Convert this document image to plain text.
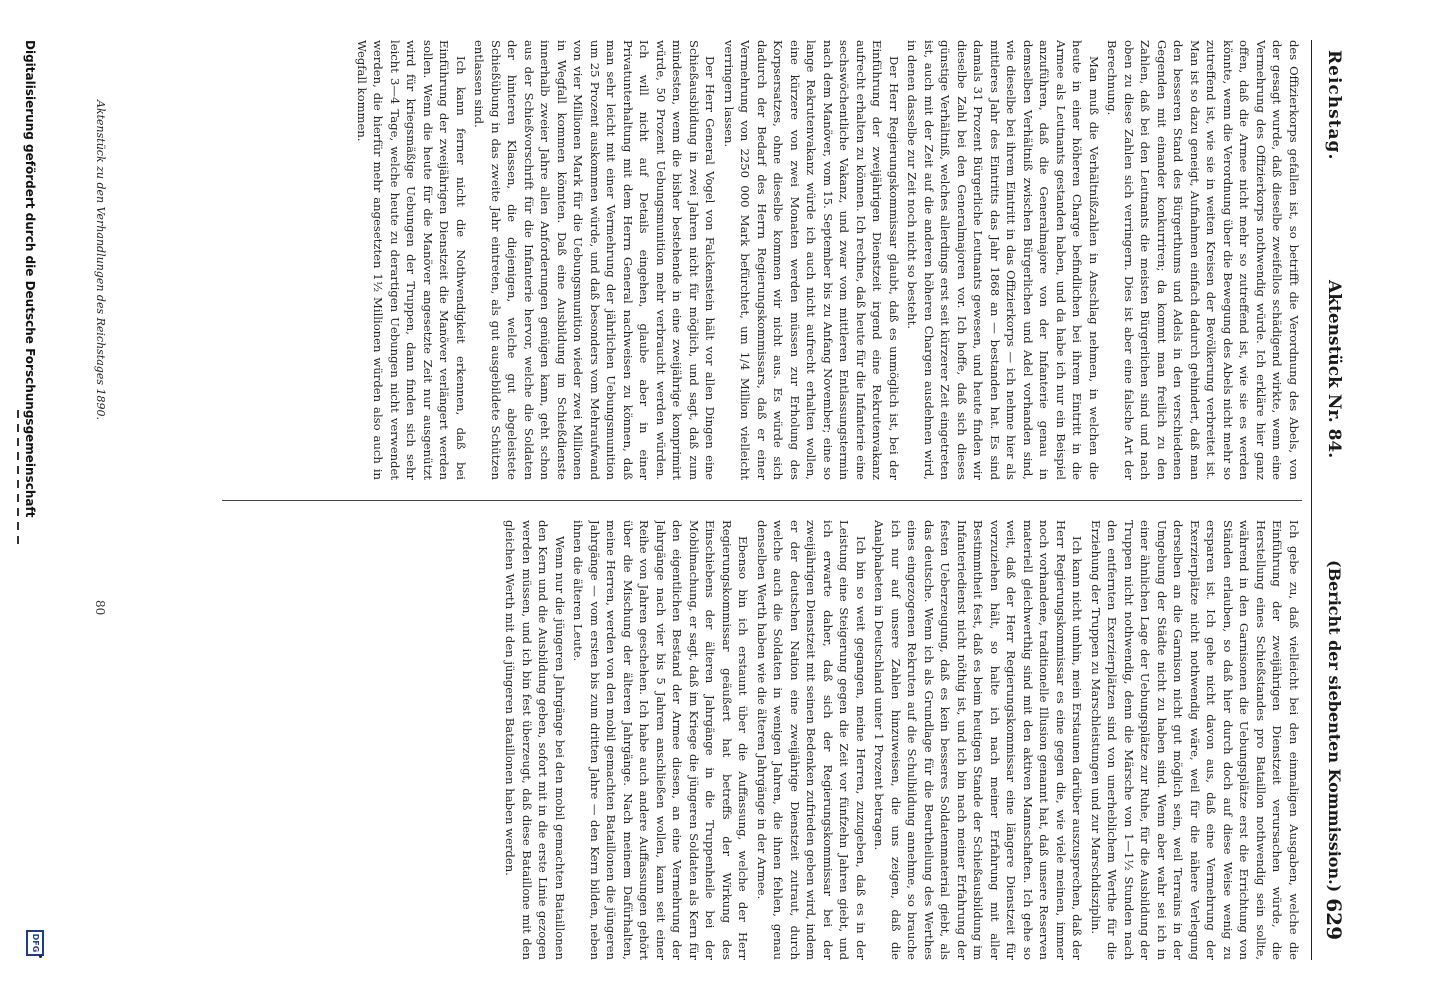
Reichstag.
Aktenstück Nr. 84.
(Bericht der siebenten Kommission.)
629

des Offizierkorps gefallen ist, so betrifft die Verordnung des Abels, von der gesagt wurde, daß dieselbe zweifellos schädigend wirkte, wenn eine Vermehrung des Offizierkorps nothwendig würde. Ich erkläre hier ganz offen, daß die Armee nicht mehr so zutreffend ist, wie sie es werden könnte, wenn die Verordnung über die Bewegung des Abels nicht mehr so zutreffend ist, wie sie in weiten Kreisen der Bevölkerung verbreitet ist. Man ist so dazu geneigt, Aufnahmen einfach dadurch gehindert, daß man den besseren Stand des Bürgerthums und Adels in den verschiedenen Gegenden mit einander konkurriren; da kommt man freilich zu den Zahlen, daß bei den Leutnants die meisten Bürgerlichen sind und nach oben zu diese Zahlen sich verringern. Dies ist aber eine falsche Art der Berechnung.

Man muß die Verhältnißzahlen in Anschlag nehmen, in welchen die heute in einer höheren Charge befindlichen bei ihrem Eintritt in die Armee als Leutnants gestanden haben, und da habe ich nur ein Beispiel anzuführen, daß die Generalmajore von der Infanterie genau in demselben Verhältniß zwischen Bürgerlichen und Adel vorhanden sind, wie dieselbe bei ihrem Eintritt in das Offizierkorps — ich nehme hier als mittleres Jahr des Eintritts das Jahr 1868 an — bestanden hat. Es sind damals 31 Prozent Bürgerliche Leutnants gewesen, und heute finden wir dieselbe Zahl bei den Generalmajoren vor. Ich hoffe, daß sich dieses günstige Verhältniß, welches allerdings erst seit kürzerer Zeit eingetreten ist, auch mit der Zeit auf die anderen höheren Chargen ausdehnen wird, in denen dasselbe zur Zeit noch nicht so besteht.

Der Herr Regierungskommissar glaubt, daß es unmöglich ist, bei der Einführung der zweijährigen Dienstzeit irgend eine Rekrutenvakanz aufrecht erhalten zu können. Ich rechne, daß heute für die Infanterie eine sechswöchentliche Vakanz, und zwar vom mittleren Entlassungstermin nach dem Manöver, vom 15. September bis zu Anfang November; eine so lange Rekrutenvakanz würde ich auch nicht aufrecht erhalten wollen, eine kürzere von zwei Monaten werden müssen zur Erholung des Korpsersatzes, ohne dieselbe kommen wir nicht aus. Es würde sich dadurch der Bedarf des Herrn Regierungskommissars, daß er einer Vermehrung von 2250 000 Mark befürchtet, um 1/4 Million vielleicht verringern lassen.

Der Herr General Vogel von Falckenstein hält vor allen Dingen eine Schießausbildung in zwei Jahren nicht für möglich, und sagt, daß zum mindesten, wenn die bisher bestehende in eine zweijährige komprimirt würde, 50 Prozent Uebungsmunition mehr verbraucht werden würden. Ich will nicht auf Details eingehen, glaube aber in einer Privatunterhaltung mit dem Herrn General nachweisen zu können, daß man sehr leicht mit einer Vermehrung der jährlichen Uebungsmunition um 25 Prozent auskommen würde, und daß besonders vom Mehraufwand von vier Millionen Mark für die Uebungsmunition wieder zwei Millionen in Wegfall kommen könnten. Daß eine Ausbildung im Schießdienste innerhalb zweier Jahre allen Anforderungen genügen kann, geht schon aus der Schießvorschrift für die Infanterie hervor, welche die Soldaten der hinteren Klassen, die diejenigen, welche gut abgeleistete Schießübung in das zweite Jahr eintreten, als gut ausgebildete Schützen entlassen sind.

Ich kann ferner nicht die Nothwendigkeit erkennen, daß bei Einführung der zweijährigen Dienstzeit die Manöver verlängert werden sollen. Wenn die heute für die Manöver angesetzte Zeit nur ausgenützt wird für kriegsmäßige Uebungen der Truppen, dann finden sich sehr leicht 3—4 Tage, welche heute zu derartigen Uebungen nicht verwendet werden, die hierfür mehr angesetzten 1½ Millionen würden also auch in Wegfall kommen.

Ich gebe zu, daß vielleicht bei den einmaligen Ausgaben, welche die Einführung der zweijährigen Dienstzeit verursachen würde, die Herstellung eines Schießstandes pro Bataillon nothwendig sein sollte, während in den Garnisonen die Uebungsplätze erst die Errichtung von Ständen erlauben, so daß hier durch doch auf diese Weise wenig zu ersparen ist. Ich gehe nicht davon aus, daß eine Vermehrung der Exerzierplätze nicht nothwendig wäre, weil für die nähere Verlegung derselben an die Garnison nicht gut möglich sein, weil Terrains in der Umgebung der Städte nicht zu haben sind. Wenn aber wahr sei ich in einer ähnlichen Lage der Uebungsplätze zur Ruhe, für die Ausbildung der Truppen nicht nothwendig, denn die Märsche von 1—1½ Stunden nach den entfernten Exerzierplätzen sind von unerheblichem Werthe für die Erziehung der Truppen zu Marschleistungen und zur Marschdisziplin.

Ich kann nicht umhin, mein Erstaunen darüber auszusprechen, daß der Herr Regierungskommissar es eine gegen die, wie viele meinen, immer noch vorhandene, traditionelle Illusion genannt hat, daß unsere Reserven materiell gleichwerthig sind mit den aktiven Mannschaften. Ich gehe so weit, daß der Herr Regierungskommissar eine längere Dienstzeit für vorzuziehen hält, so halte ich nach meiner Erfahrung mit aller Bestimmtheit fest, daß es beim heutigen Stande der Schießausbildung im Infanteriedienst nicht nöthig ist, und ich bin nach meiner Erfahrung der festen Ueberzeugung, daß es kein besseres Soldatenmaterial giebt, als das deutsche. Wenn ich als Grundlage für die Beurtheilung des Werthes eines eingezogenen Rekruten auf die Schulbildung annehme, so brauche ich nur auf unsere Zahlen hinzuweisen, die uns zeigen, daß die Analphabeten in Deutschland unter 1 Prozent betragen.

Ich bin so weit gegangen, meine Herren, zuzugeben, daß es in der Leistung eine Steigerung gegen die Zeit vor fünfzehn Jahren giebt, und ich erwarte daher, daß sich der Regierungskommissar bei der zweijährigen Dienstzeit mit seinen Bedenken zufrieden geben wird, indem er der deutschen Nation eine zweijährige Dienstzeit zutraut, durch welche auch die Soldaten in wenigen Jahren, die ihnen fehlen, genau denselben Werth haben wie die älteren Jahrgänge in der Armee.

Ebenso bin ich erstaunt über die Auffassung, welche der Herr Regierungskommissar geäußert hat betreffs der Wirkung des Einschiebens der älteren Jahrgänge in die Truppenheile bei der Mobilmachung, er sagt, daß im Kriege die jüngeren Soldaten als Kern für den eigentlichen Bestand der Armee diesen, an eine Vermehrung der Jahrgänge nach vier bis 5 Jahren anschließen wollen, kann seit einer Reihe von Jahren geschehen. Ich habe auch andere Auffassungen gehört über die Mischung der älteren Jahrgänge. Nach meinem Dafürhalten, meine Herren, werden von den mobil gemachten Bataillonen die jüngeren Jahrgänge — vom ersten bis zum dritten Jahre — den Kern bilden, neben ihnen die älteren Leute.

Wenn nur die jüngeren Jahrgänge bei den mobil gemachten Bataillonen den Kern und die Ausbildung geben, sofort mit in die erste Linie gezogen werden müssen, und ich bin fest überzeugt, daß diese Bataillone mit den gleichen Werth mit den jüngeren Bataillonen haben werden.

Aktenstück zu den Verhandlungen des Reichstages 1890.
80
Digitalisierung gefördert durch die Deutsche Forschungsgemeinschaft
DFG
